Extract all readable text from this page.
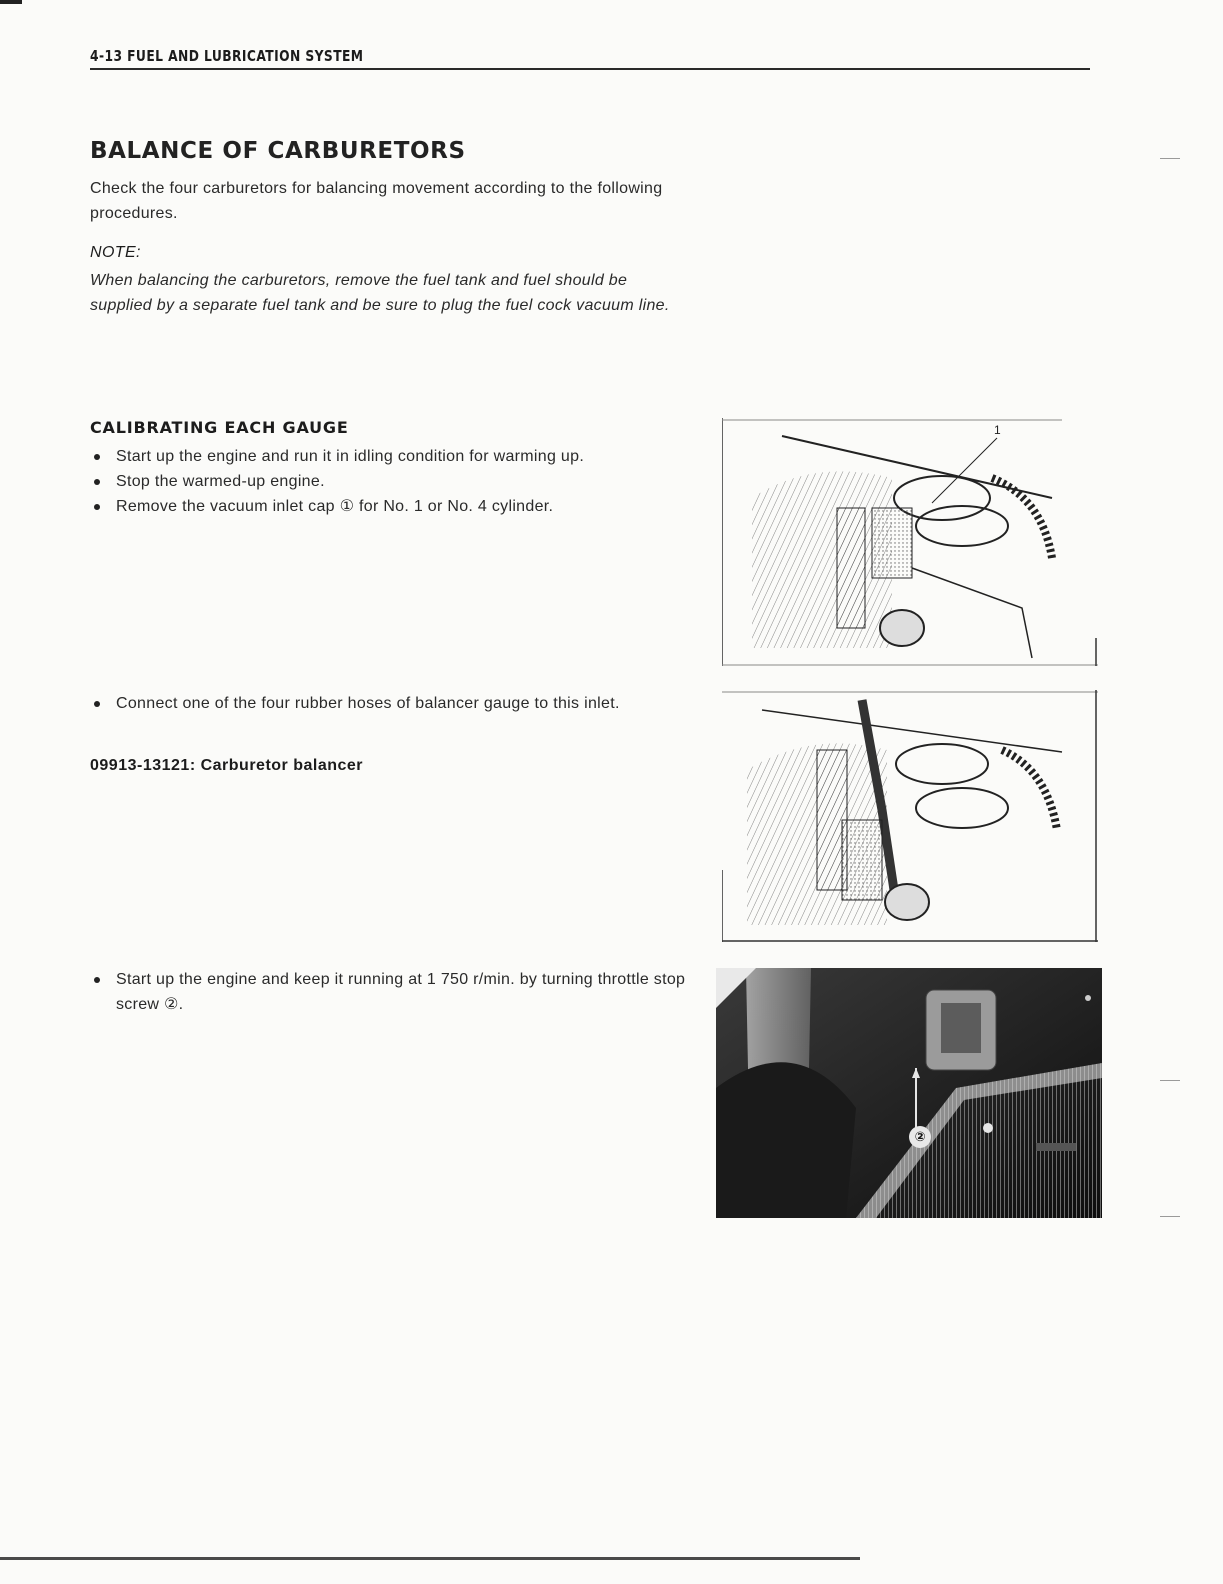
4-13 FUEL AND LUBRICATION SYSTEM
BALANCE OF CARBURETORS

Check the four carburetors for balancing movement according to the following procedures.

NOTE:

When balancing the carburetors, remove the fuel tank and fuel should be supplied by a separate fuel tank and be sure to plug the fuel cock vacuum line.

CALIBRATING EACH GAUGE
Start up the engine and run it in idling condition for warming up.
Stop the warmed-up engine.
Remove the vacuum inlet cap ① for No. 1 or No. 4 cylinder.
Connect one of the four rubber hoses of balancer gauge to this inlet.
09913-13121: Carburetor balancer
Start up the engine and keep it running at 1 750 r/min. by turning throttle stop screw ②.
1
②
